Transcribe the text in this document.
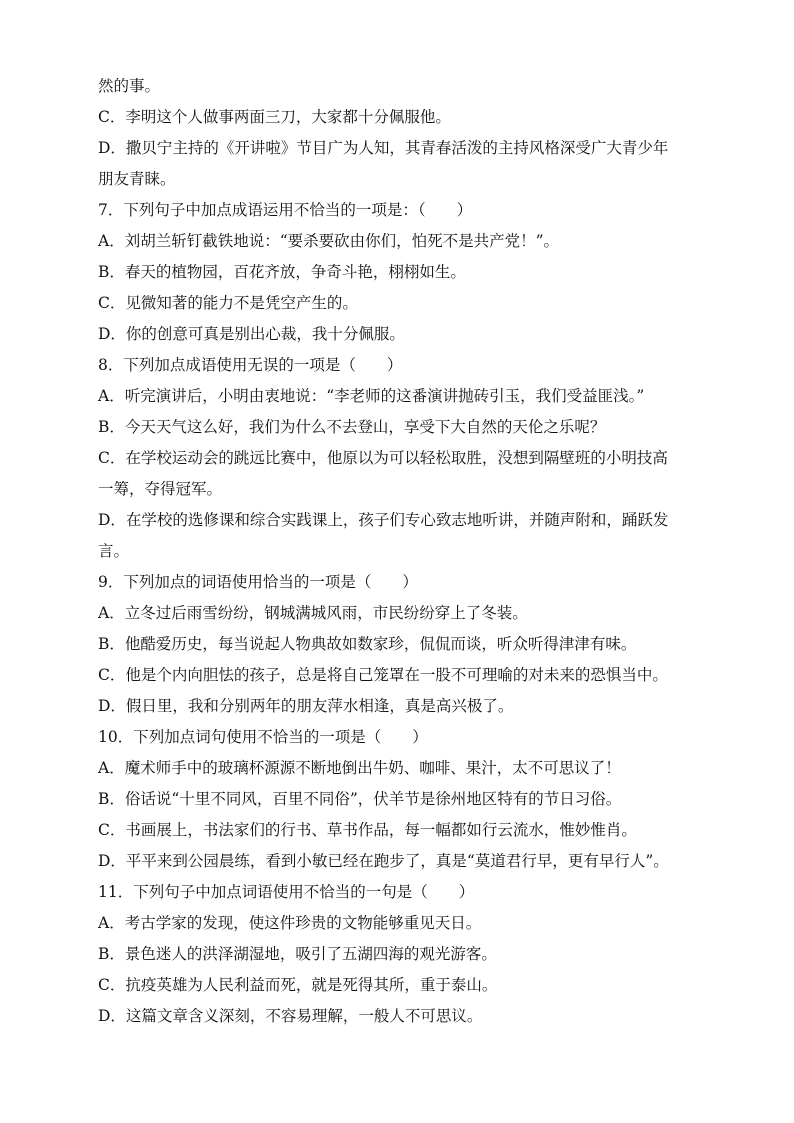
然的事。
C．李明这个人做事两面三刀，大家都十分佩服他。
D．撒贝宁主持的《开讲啦》节目广为人知，其青春活泼的主持风格深受广大青少年
朋友青睐。
7．下列句子中加点成语运用不恰当的一项是：（　　）
A．刘胡兰斩钉截铁地说：“要杀要砍由你们，怕死不是共产党！”。
B．春天的植物园，百花齐放，争奇斗艳，栩栩如生。
C．见微知著的能力不是凭空产生的。
D．你的创意可真是别出心裁，我十分佩服。
8．下列加点成语使用无误的一项是（　　）
A．听完演讲后，小明由衷地说：“李老师的这番演讲抛砖引玉，我们受益匪浅。”
B．今天天气这么好，我们为什么不去登山，享受下大自然的天伦之乐呢？
C．在学校运动会的跳远比赛中，他原以为可以轻松取胜，没想到隔壁班的小明技高
一筹，夺得冠军。
D．在学校的选修课和综合实践课上，孩子们专心致志地听讲，并随声附和，踊跃发
言。
9．下列加点的词语使用恰当的一项是（　　）
A．立冬过后雨雪纷纷，钢城满城风雨，市民纷纷穿上了冬装。
B．他酷爱历史，每当说起人物典故如数家珍，侃侃而谈，听众听得津津有味。
C．他是个内向胆怯的孩子，总是将自己笼罩在一股不可理喻的对未来的恐惧当中。
D．假日里，我和分别两年的朋友萍水相逢，真是高兴极了。
10．下列加点词句使用不恰当的一项是（　　）
A．魔术师手中的玻璃杯源源不断地倒出牛奶、咖啡、果汁，太不可思议了！
B．俗话说“十里不同风，百里不同俗”，伏羊节是徐州地区特有的节日习俗。
C．书画展上，书法家们的行书、草书作品，每一幅都如行云流水，惟妙惟肖。
D．平平来到公园晨练，看到小敏已经在跑步了，真是“莫道君行早，更有早行人”。
11．下列句子中加点词语使用不恰当的一句是（　　）
A．考古学家的发现，使这件珍贵的文物能够重见天日。
B．景色迷人的洪泽湖湿地，吸引了五湖四海的观光游客。
C．抗疫英雄为人民利益而死，就是死得其所，重于泰山。
D．这篇文章含义深刻，不容易理解，一般人不可思议。
